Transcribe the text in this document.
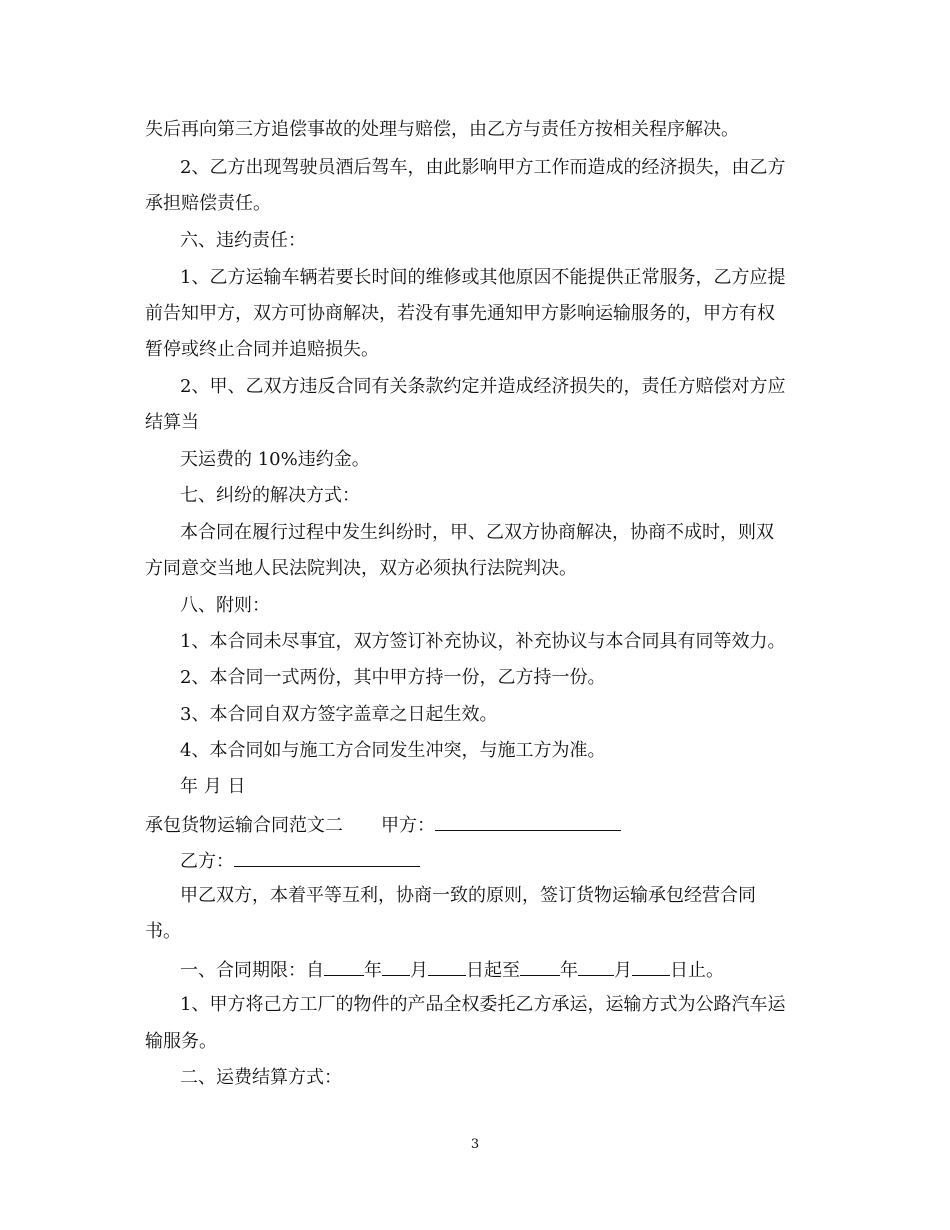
失后再向第三方追偿事故的处理与赔偿，由乙方与责任方按相关程序解决。
2、乙方出现驾驶员酒后驾车，由此影响甲方工作而造成的经济损失，由乙方
承担赔偿责任。
六、违约责任：
1、乙方运输车辆若要长时间的维修或其他原因不能提供正常服务，乙方应提
前告知甲方，双方可协商解决，若没有事先通知甲方影响运输服务的，甲方有权
暂停或终止合同并追赔损失。
2、甲、乙双方违反合同有关条款约定并造成经济损失的，责任方赔偿对方应
结算当
天运费的 10%违约金。
七、纠纷的解决方式：
本合同在履行过程中发生纠纷时，甲、乙双方协商解决，协商不成时，则双
方同意交当地人民法院判决，双方必须执行法院判决。
八、附则：
1、本合同未尽事宜，双方签订补充协议，补充协议与本合同具有同等效力。
2、本合同一式两份，其中甲方持一份，乙方持一份。
3、本合同自双方签字盖章之日起生效。
4、本合同如与施工方合同发生冲突，与施工方为准。
年 月 日
承包货物运输合同范文二 甲方：
乙方：
甲乙双方，本着平等互利，协商一致的原则，签订货物运输承包经营合同
书。
一、合同期限：自 年 月 日起至 年 月 日止。
1、甲方将己方工厂的物件的产品全权委托乙方承运，运输方式为公路汽车运
输服务。
二、运费结算方式：
3
